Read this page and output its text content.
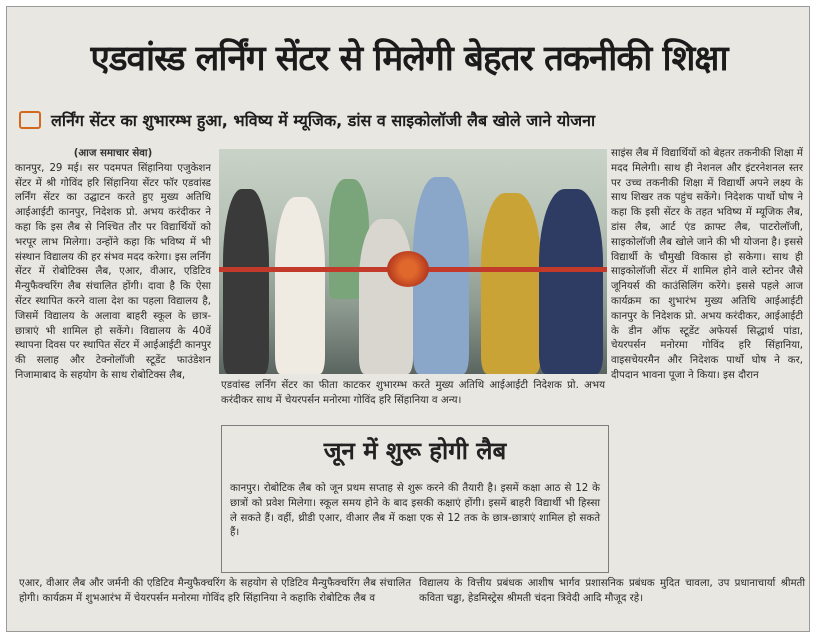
एडवांस्ड लर्निंग सेंटर से मिलेगी बेहतर तकनीकी शिक्षा
लर्निंग सेंटर का शुभारम्भ हुआ, भविष्य में म्यूजिक, डांस व साइकोलॉजी लैब खोले जाने योजना

(आज समाचार सेवा)

कानपुर, 29 मई। सर पदमपत सिंहानिया एजुकेशन सेंटर में श्री गोविंद हरि सिंहानिया सेंटर फॉर एडवांस्ड लर्निंग सेंटर का उद्घाटन करते हुए मुख्य अतिथि आईआईटी कानपुर, निदेशक प्रो. अभय करंदीकर ने कहा कि इस लैब से निश्चित तौर पर विद्यार्थियों को भरपूर लाभ मिलेगा। उन्होंने कहा कि भविष्य में भी संस्थान विद्यालय की हर संभव मदद करेगा। इस लर्निंग सेंटर में रोबोटिक्स लैब, एआर, वीआर, एडिटिव मैन्युफैक्चरिंग लैब संचालित होंगी। दावा है कि ऐसा सेंटर स्थापित करने वाला देश का पहला विद्यालय है, जिसमें विद्यालय के अलावा बाहरी स्कूल के छात्र-छात्राएं भी शामिल हो सकेंगे। विद्यालय के 40वें स्थापना दिवस पर स्थापित सेंटर में आईआईटी कानपुर की सलाह और टेक्नोलॉजी स्टूडेंट फाउंडेशन निजामाबाद के सहयोग के साथ रोबोटिक्स लैब,

एडवांस्ड लर्निंग सेंटर का फीता काटकर शुभारम्भ करते मुख्य अतिथि आईआईटी निदेशक प्रो. अभय करंदीकर साथ में चेयरपर्सन मनोरमा गोविंद हरि सिंहानिया व अन्य।
जून में शुरू होगी लैब
कानपुर। रोबोटिक लैब को जून प्रथम सप्ताह से शुरू करने की तैयारी है। इसमें कक्षा आठ से 12 के छात्रों को प्रवेश मिलेगा। स्कूल समय होने के बाद इसकी कक्षाएं होंगी। इसमें बाहरी विद्यार्थी भी हिस्सा ले सकते हैं। वहीं, थ्रीडी एआर, वीआर लैब में कक्षा एक से 12 तक के छात्र-छात्राएं शामिल हो सकते हैं।

साइंस लैब में विद्यार्थियों को बेहतर तकनीकी शिक्षा में मदद मिलेगी। साथ ही नेशनल और इंटरनेशनल स्तर पर उच्च तकनीकी शिक्षा में विद्यार्थी अपने लक्ष्य के साथ शिखर तक पहुंच सकेंगे। निदेशक पार्थो घोष ने कहा कि इसी सेंटर के तहत भविष्य में म्यूजिक लैब, डांस लैब, आर्ट एंड क्राफ्ट लैब, पाटरोलॉजी, साइकोलॉजी लैब खोले जाने की भी योजना है। इससे विद्यार्थी के चौमुखी विकास हो सकेगा। साथ ही साइकोलॉजी सेंटर में शामिल होने वाले स्टोनर जैसे जूनियर्स की काउंसिलिंग करेंगे। इससे पहले आज कार्यक्रम का शुभारंभ मुख्य अतिथि आईआईटी कानपुर के निदेशक प्रो. अभय करंदीकर, आईआईटी के डीन ऑफ स्टूडेंट अफेयर्स सिद्धार्थ पांडा, चेयरपर्सन मनोरमा गोविंद हरि सिंहानिया, वाइसचेयरमैन और निदेशक पार्थो घोष ने कर, दीपदान भावना पूजा ने किया। इस दौरान

एआर, वीआर लैब और जर्मनी की एडिटिव मैन्युफैक्चरिंग के सहयोग से एडिटिव मैन्युफैक्चरिंग लैब संचालित होगी। कार्यक्रम में शुभआरंभ में चेयरपर्सन मनोरमा गोविंद हरि सिंहानिया ने कहाकि रोबोटिक लैब व
विद्यालय के वित्तीय प्रबंधक आशीष भार्गव प्रशासनिक प्रबंधक मुदित चावला, उप प्रधानाचार्या श्रीमती कविता चड्ढा, हेडमिस्ट्रेस श्रीमती चंदना त्रिवेदी आदि मौजूद रहे।
